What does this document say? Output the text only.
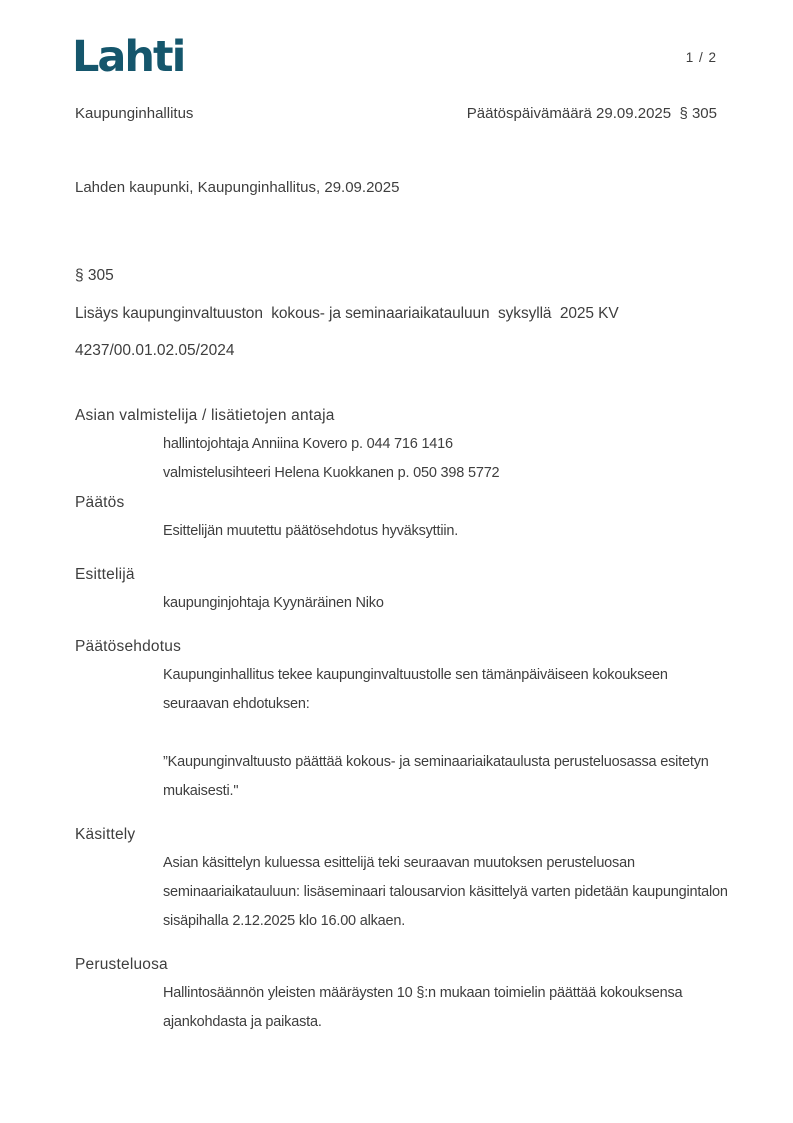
Lahti	1 / 2
Kaupunginhallitus	Päätöspäivämäärä 29.09.2025  § 305
Lahden kaupunki, Kaupunginhallitus, 29.09.2025
§ 305
Lisäys kaupunginvaltuuston  kokous- ja seminaariaikatauluun  syksyllä  2025 KV
4237/00.01.02.05/2024
Asian valmistelija / lisätietojen antaja

hallintojohtaja Anniina Kovero p. 044 716 1416

valmistelusihteeri Helena Kuokkanen p. 050 398 5772

Päätös

Esittelijän muutettu päätösehdotus hyväksyttiin.

Esittelijä

kaupunginjohtaja Kyynäräinen Niko

Päätösehdotus

Kaupunginhallitus tekee kaupunginvaltuustolle sen tämänpäiväiseen kokoukseen seuraavan ehdotuksen:

”Kaupunginvaltuusto päättää kokous- ja seminaariaikataulusta perusteluosassa esitetyn mukaisesti."

Käsittely

Asian käsittelyn kuluessa esittelijä teki seuraavan muutoksen perusteluosan seminaariaikatauluun: lisäseminaari talousarvion käsittelyä varten pidetään kaupungintalon sisäpihalla 2.12.2025 klo 16.00 alkaen.

Perusteluosa

Hallintosäännön yleisten määräysten 10 §:n mukaan toimielin päättää kokouksensa ajankohdasta ja paikasta.
